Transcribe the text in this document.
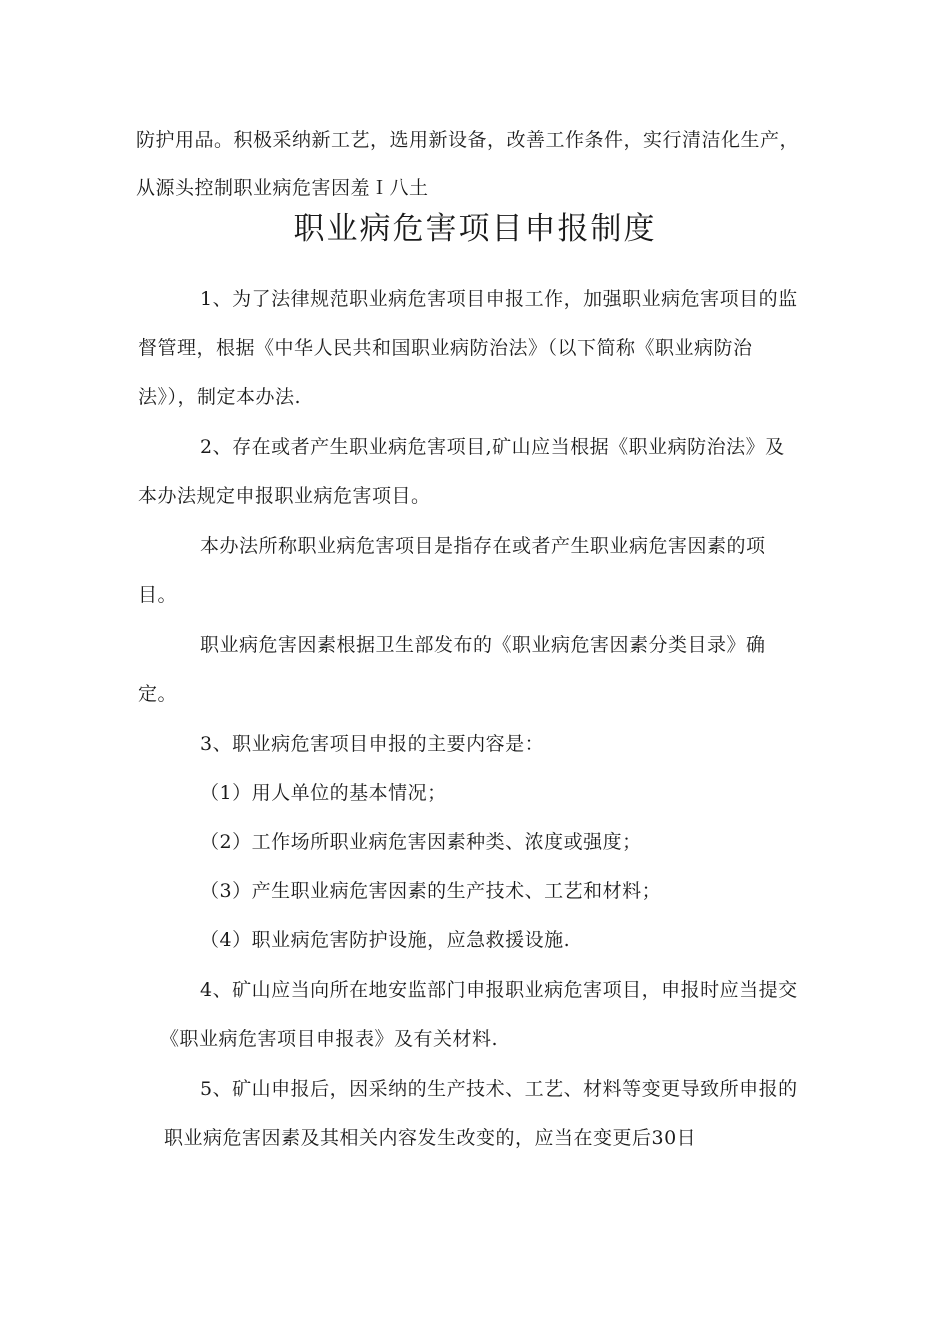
防护用品。积极采纳新工艺，选用新设备，改善工作条件，实行清洁化生产，
从源头控制职业病危害因羞Ｉ八土
职业病危害项目申报制度
1、为了法律规范职业病危害项目申报工作，加强职业病危害项目的监
督管理，根据《中华人民共和国职业病防治法》（以下简称《职业病防治
法》），制定本办法.
2、存在或者产生职业病危害项目,矿山应当根据《职业病防治法》及
本办法规定申报职业病危害项目。
本办法所称职业病危害项目是指存在或者产生职业病危害因素的项
目。
职业病危害因素根据卫生部发布的《职业病危害因素分类目录》确
定。
3、职业病危害项目申报的主要内容是：
（1）用人单位的基本情况；
（2）工作场所职业病危害因素种类、浓度或强度；
（3）产生职业病危害因素的生产技术、工艺和材料；
（4）职业病危害防护设施，应急救援设施.
4、矿山应当向所在地安监部门申报职业病危害项目，申报时应当提交
《职业病危害项目申报表》及有关材料.
5、矿山申报后，因采纳的生产技术、工艺、材料等变更导致所申报的
职业病危害因素及其相关内容发生改变的，应当在变更后30日
